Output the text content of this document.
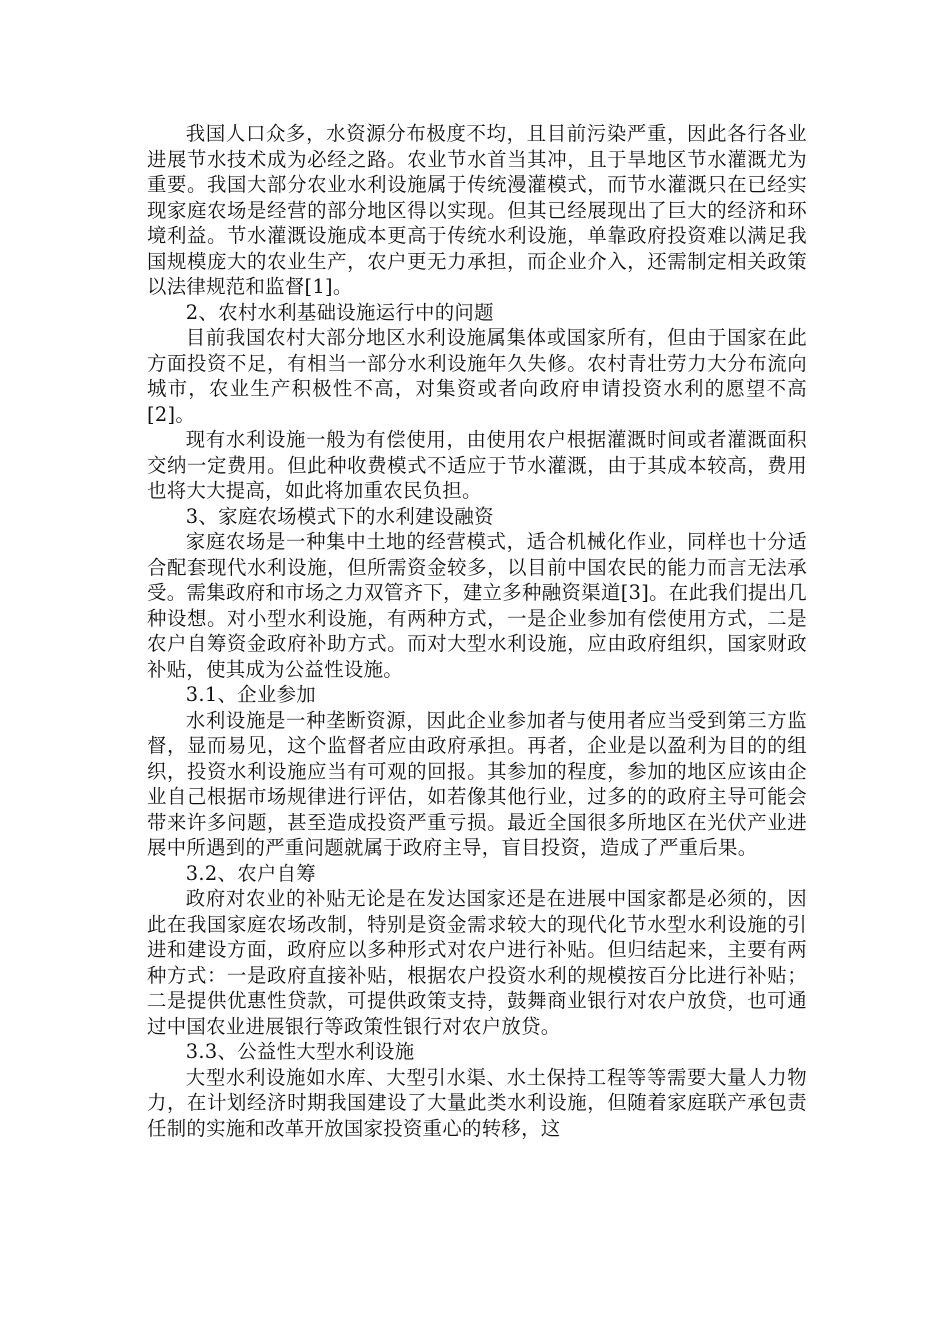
我国人口众多，水资源分布极度不均，且目前污染严重，因此各行各业进展节水技术成为必经之路。农业节水首当其冲，且于旱地区节水灌溉尤为重要。我国大部分农业水利设施属于传统漫灌模式，而节水灌溉只在已经实现家庭农场是经营的部分地区得以实现。但其已经展现出了巨大的经济和环境利益。节水灌溉设施成本更高于传统水利设施，单靠政府投资难以满足我国规模庞大的农业生产，农户更无力承担，而企业介入，还需制定相关政策以法律规范和监督[1]。

2、农村水利基础设施运行中的问题

目前我国农村大部分地区水利设施属集体或国家所有，但由于国家在此方面投资不足，有相当一部分水利设施年久失修。农村青壮劳力大分布流向城市，农业生产积极性不高，对集资或者向政府申请投资水利的愿望不高[2]。

现有水利设施一般为有偿使用，由使用农户根据灌溉时间或者灌溉面积交纳一定费用。但此种收费模式不适应于节水灌溉，由于其成本较高，费用也将大大提高，如此将加重农民负担。

3、家庭农场模式下的水利建设融资

家庭农场是一种集中土地的经营模式，适合机械化作业，同样也十分适合配套现代水利设施，但所需资金较多，以目前中国农民的能力而言无法承受。需集政府和市场之力双管齐下，建立多种融资渠道[3]。在此我们提出几种设想。对小型水利设施，有两种方式，一是企业参加有偿使用方式，二是农户自筹资金政府补助方式。而对大型水利设施，应由政府组织，国家财政补贴，使其成为公益性设施。

3.1、企业参加

水利设施是一种垄断资源，因此企业参加者与使用者应当受到第三方监督，显而易见，这个监督者应由政府承担。再者，企业是以盈利为目的的组织，投资水利设施应当有可观的回报。其参加的程度，参加的地区应该由企业自己根据市场规律进行评估，如若像其他行业，过多的的政府主导可能会带来许多问题，甚至造成投资严重亏损。最近全国很多所地区在光伏产业进展中所遇到的严重问题就属于政府主导，盲目投资，造成了严重后果。

3.2、农户自筹

政府对农业的补贴无论是在发达国家还是在进展中国家都是必须的，因此在我国家庭农场改制，特别是资金需求较大的现代化节水型水利设施的引进和建设方面，政府应以多种形式对农户进行补贴。但归结起来，主要有两种方式：一是政府直接补贴，根据农户投资水利的规模按百分比进行补贴；二是提供优惠性贷款，可提供政策支持，鼓舞商业银行对农户放贷，也可通过中国农业进展银行等政策性银行对农户放贷。

3.3、公益性大型水利设施

大型水利设施如水库、大型引水渠、水土保持工程等等需要大量人力物力，在计划经济时期我国建设了大量此类水利设施，但随着家庭联产承包责任制的实施和改革开放国家投资重心的转移，这
